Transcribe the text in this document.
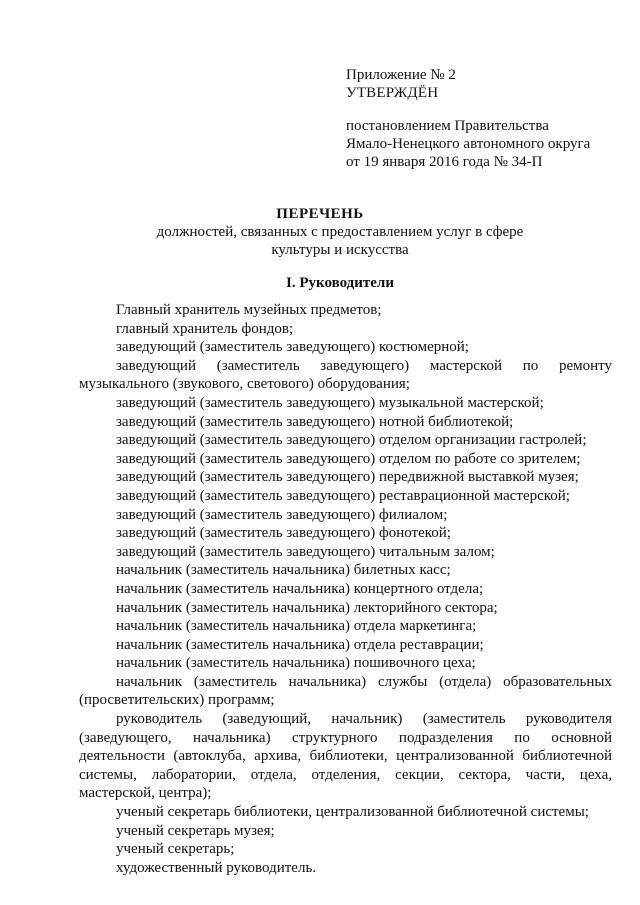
Приложение № 2
УТВЕРЖДЁН
постановлением Правительства
Ямало-Ненецкого автономного округа
от 19 января 2016 года № 34-П
ПЕРЕЧЕНЬ
должностей, связанных с предоставлением услуг в сфере
культуры и искусства
I. Руководители
Главный хранитель музейных предметов;
главный хранитель фондов;
заведующий (заместитель заведующего) костюмерной;
заведующий (заместитель заведующего) мастерской по ремонту музыкального (звукового, светового) оборудования;
заведующий (заместитель заведующего) музыкальной мастерской;
заведующий (заместитель заведующего) нотной библиотекой;
заведующий (заместитель заведующего) отделом организации гастролей;
заведующий (заместитель заведующего) отделом по работе со зрителем;
заведующий (заместитель заведующего) передвижной выставкой музея;
заведующий (заместитель заведующего) реставрационной мастерской;
заведующий (заместитель заведующего) филиалом;
заведующий (заместитель заведующего) фонотекой;
заведующий (заместитель заведующего) читальным залом;
начальник (заместитель начальника) билетных касс;
начальник (заместитель начальника) концертного отдела;
начальник (заместитель начальника) лекторийного сектора;
начальник (заместитель начальника) отдела маркетинга;
начальник (заместитель начальника) отдела реставрации;
начальник (заместитель начальника) пошивочного цеха;
начальник (заместитель начальника) службы (отдела) образовательных (просветительских) программ;
руководитель (заведующий, начальник) (заместитель руководителя (заведующего, начальника) структурного подразделения по основной деятельности (автоклуба, архива, библиотеки, централизованной библиотечной системы, лаборатории, отдела, отделения, секции, сектора, части, цеха, мастерской, центра);
ученый секретарь библиотеки, централизованной библиотечной системы;
ученый секретарь музея;
ученый секретарь;
художественный руководитель.
